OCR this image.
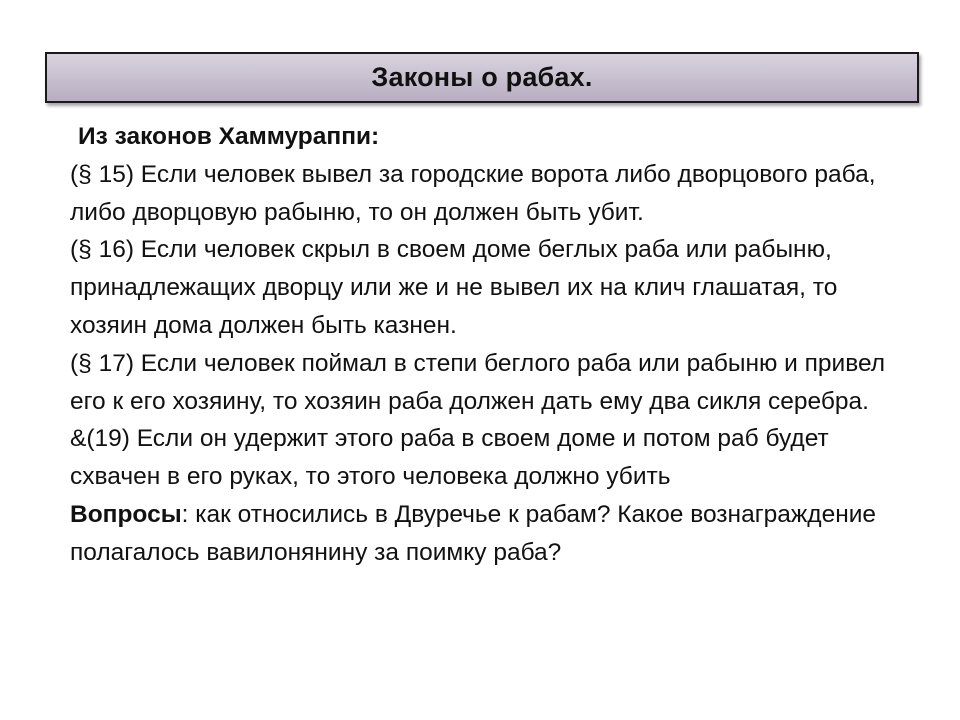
Законы о рабах.

Из законов Хаммураппи:

(§ 15) Если человек вывел за городские ворота либо дворцового раба, либо дворцовую рабыню, то он должен быть убит.

(§ 16) Если человек скрыл в своем доме беглых раба или рабыню, принадлежащих дворцу или же и не вывел их на клич глашатая, то хозяин дома должен быть казнен.

(§ 17) Если человек поймал в степи беглого раба или рабыню и привел его к его хозяину, то хозяин раба должен дать ему два сикля серебра.

&(19) Если он удержит этого раба в своем доме и потом раб будет схвачен в его руках, то этого человека должно убить

Вопросы: как относились в Двуречье к рабам? Какое вознаграждение полагалось вавилонянину за поимку раба?
